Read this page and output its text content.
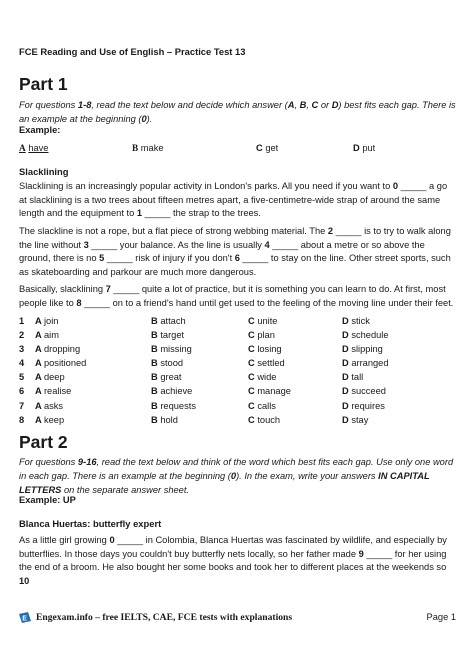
FCE Reading and Use of English – Practice Test 13
Part 1
For questions 1-8, read the text below and decide which answer (A, B, C or D) best fits each gap. There is an example at the beginning (0).
Example:
A have	B make	C get	D put
Slacklining

Slacklining is an increasingly popular activity in London's parks. All you need if you want to 0 _____ a go at slacklining is a two trees about fifteen metres apart, a five-centimetre-wide strap of around the same length and the equipment to 1 _____ the strap to the trees.

The slackline is not a rope, but a flat piece of strong webbing material. The 2 _____ is to try to walk along the line without 3 _____ your balance. As the line is usually 4 _____ about a metre or so above the ground, there is no 5 _____ risk of injury if you don't 6 _____ to stay on the line. Other street sports, such as skateboarding and parkour are much more dangerous.

Basically, slacklining 7 _____ quite a lot of practice, but it is something you can learn to do. At first, most people like to 8 _____ on to a friend's hand until get used to the feeling of the moving line under their feet.

1 A join	B attach	C unite	D stick
2 A aim	B target	C plan	D schedule
3 A dropping	B missing	C losing	D slipping
4 A positioned	B stood	C settled	D arranged
5 A deep	B great	C wide	D tall
6 A realise	B achieve	C manage	D succeed
7 A asks	B requests	C calls	D requires
8 A keep	B hold	C touch	D stay
Part 2
For questions 9-16, read the text below and think of the word which best fits each gap. Use only one word in each gap. There is an example at the beginning (0). In the exam, write your answers IN CAPITAL LETTERS on the separate answer sheet.
Example: UP
Blanca Huertas: butterfly expert

As a little girl growing 0 _____ in Colombia, Blanca Huertas was fascinated by wildlife, and especially by butterflies. In those days you couldn't buy butterfly nets locally, so her father made 9 _____ for her using the end of a broom. He also bought her some books and took her to different places at the weekends so 10

E Engexam.info – free IELTS, CAE, FCE tests with explanations	Page 1
